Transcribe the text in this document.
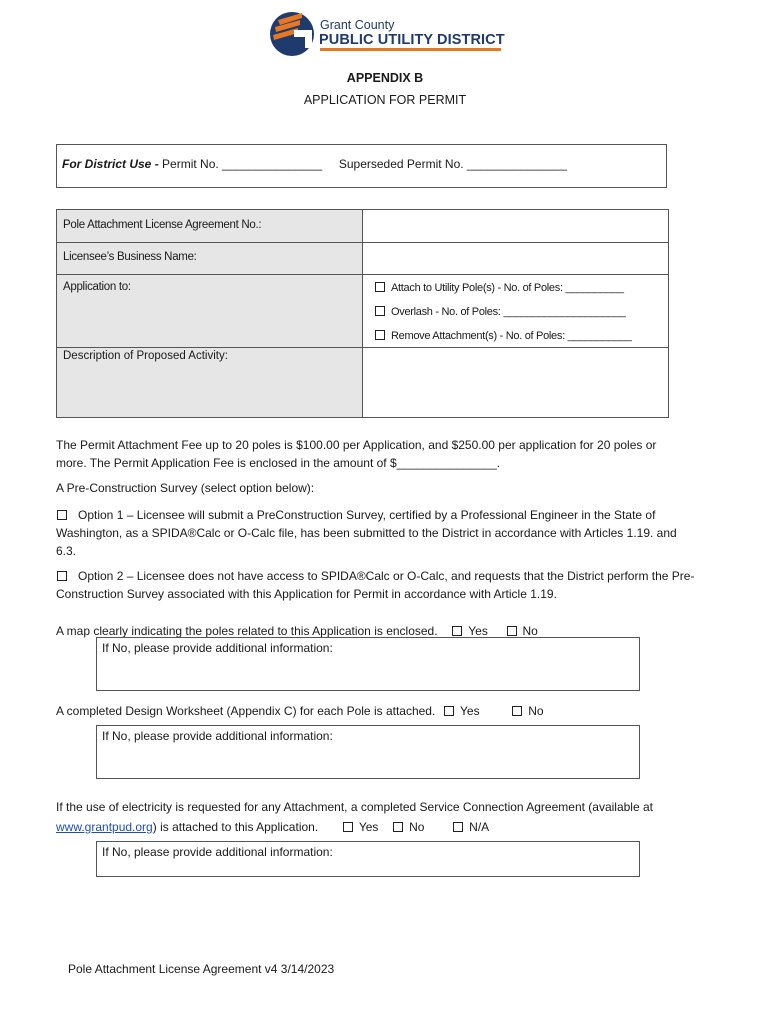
Grant County
PUBLIC UTILITY DISTRICT
APPENDIX B
APPLICATION FOR PERMIT
For District Use - Permit No. _______________ Superseded Permit No. _______________
Pole Attachment License Agreement No.:
Licensee’s Business Name:
Application to:	Attach to Utility Pole(s) - No. of Poles: __________
Overlash - No. of Poles: _____________________
Remove Attachment(s) - No. of Poles: ___________
Description of Proposed Activity:
The Permit Attachment Fee up to 20 poles is $100.00 per Application, and $250.00 per application for 20 poles or
more. The Permit Application Fee is enclosed in the amount of $_______________.
A Pre-Construction Survey (select option below):
Option 1 – Licensee will submit a PreConstruction Survey, certified by a Professional Engineer in the State of
Washington, as a SPIDA®Calc or O-Calc file, has been submitted to the District in accordance with Articles 1.19. and
6.3.
Option 2 – Licensee does not have access to SPIDA®Calc or O-Calc, and requests that the District perform the Pre-
Construction Survey associated with this Application for Permit in accordance with Article 1.19.
A map clearly indicating the poles related to this Application is enclosed.	Yes	No
If No, please provide additional information:
A completed Design Worksheet (Appendix C) for each Pole is attached. Yes	No
If No, please provide additional information:
If the use of electricity is requested for any Attachment, a completed Service Connection Agreement (available at
www.grantpud.org) is attached to this Application.	Yes	No	N/A
If No, please provide additional information:
Pole Attachment License Agreement v4 3/14/2023
